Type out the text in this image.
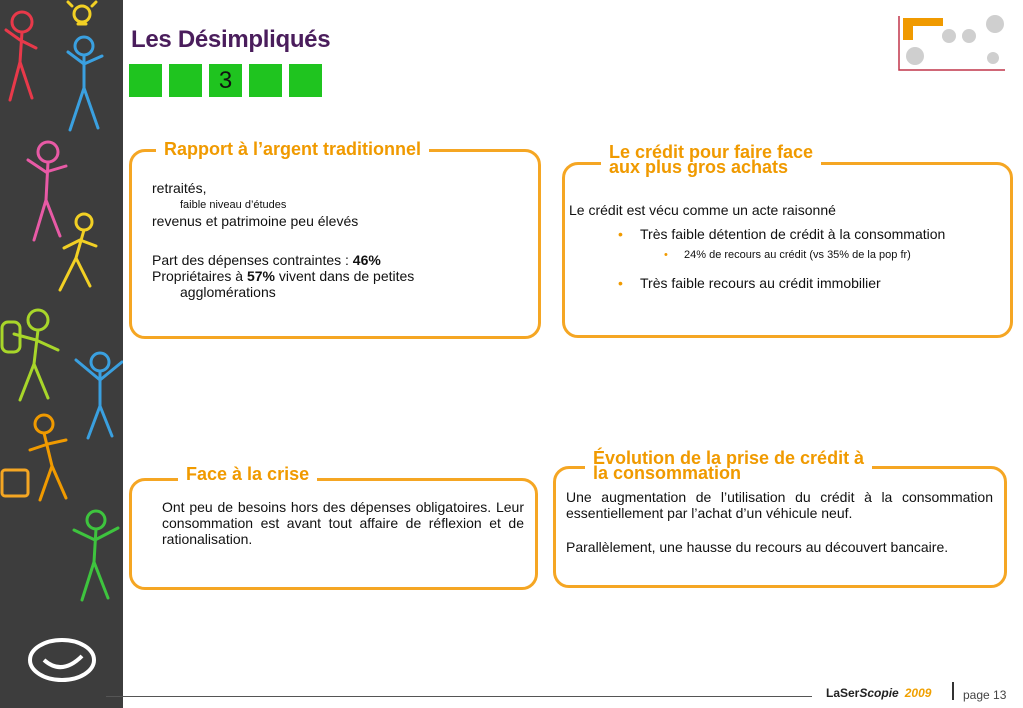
Les Désimpliqués
3
Rapport à l’argent traditionnel
retraités,
faible niveau d’études
revenus et patrimoine peu élevés
Part des dépenses contraintes : 46%
Propriétaires à 57% vivent dans de petites
agglomérations
Le crédit pour faire face
aux plus gros achats
Le crédit est vécu comme un acte raisonné
• Très faible détention de crédit à la consommation
• 24% de recours au crédit (vs 35% de la pop fr)
• Très faible recours au crédit immobilier
Face à la crise
Ont peu de besoins hors des dépenses obligatoires. Leur consommation est avant tout affaire de réflexion et de rationalisation.
Évolution de la prise de crédit à
la consommation
Une augmentation de l’utilisation du crédit à la consommation essentiellement par l’achat d’un véhicule neuf.
Parallèlement, une hausse du recours au découvert bancaire.
LaSerScopie 2009	page 13
